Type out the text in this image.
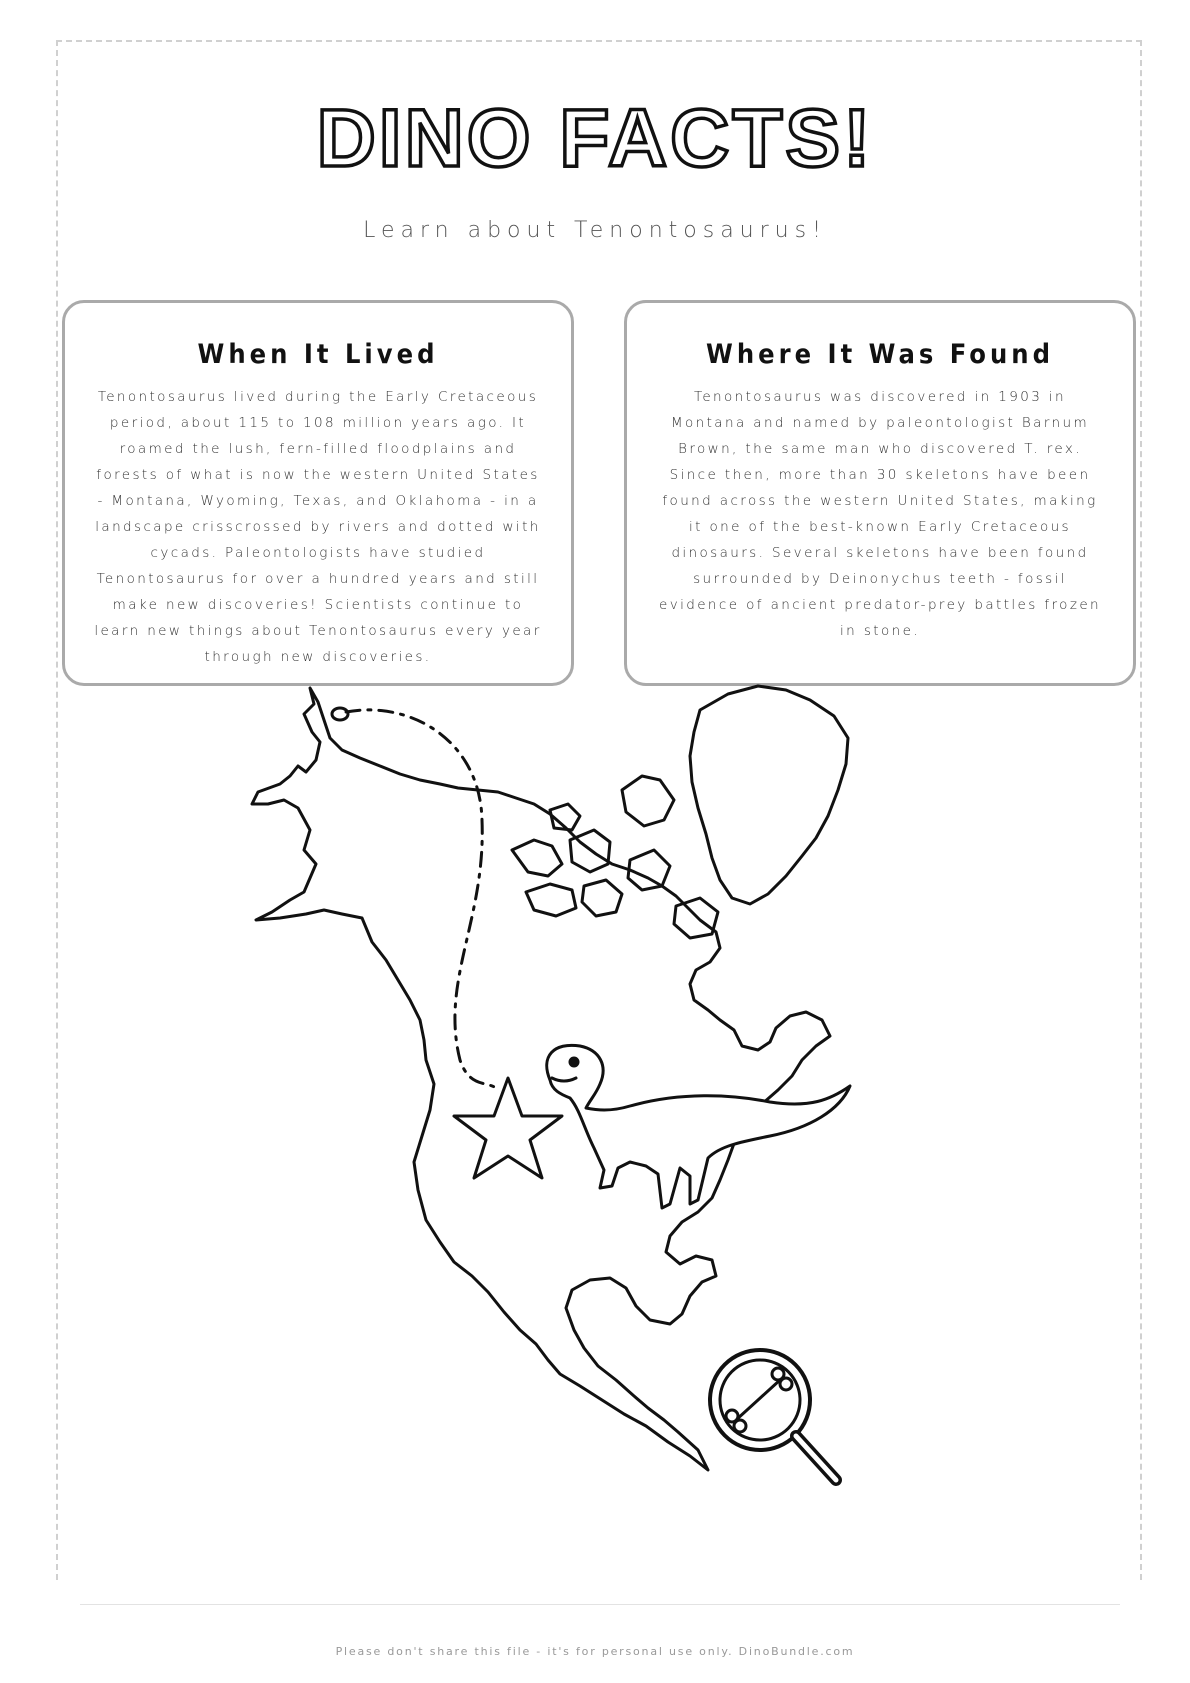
DINO FACTS!
Learn about Tenontosaurus!
When It Lived

Tenontosaurus lived during the Early Cretaceous period, about 115 to 108 million years ago. It roamed the lush, fern-filled floodplains and forests of what is now the western United States - Montana, Wyoming, Texas, and Oklahoma - in a landscape crisscrossed by rivers and dotted with cycads. Paleontologists have studied Tenontosaurus for over a hundred years and still make new discoveries! Scientists continue to learn new things about Tenontosaurus every year through new discoveries.

Where It Was Found

Tenontosaurus was discovered in 1903 in Montana and named by paleontologist Barnum Brown, the same man who discovered T. rex. Since then, more than 30 skeletons have been found across the western United States, making it one of the best-known Early Cretaceous dinosaurs. Several skeletons have been found surrounded by Deinonychus teeth - fossil evidence of ancient predator-prey battles frozen in stone.

Please don't share this file - it's for personal use only. DinoBundle.com
